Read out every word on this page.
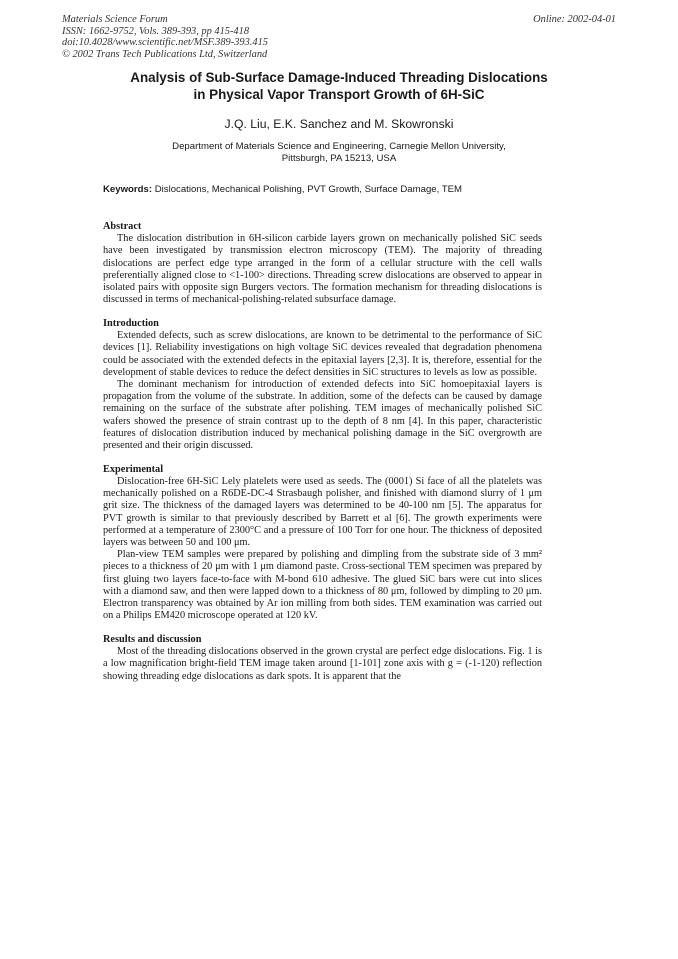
Materials Science Forum
ISSN: 1662-9752, Vols. 389-393, pp 415-418
doi:10.4028/www.scientific.net/MSF.389-393.415
© 2002 Trans Tech Publications Ltd, Switzerland
Online: 2002-04-01
Analysis of Sub-Surface Damage-Induced Threading Dislocations
in Physical Vapor Transport Growth of 6H-SiC
J.Q. Liu, E.K. Sanchez and M. Skowronski
Department of Materials Science and Engineering, Carnegie Mellon University,
Pittsburgh, PA 15213, USA
Keywords: Dislocations, Mechanical Polishing, PVT Growth, Surface Damage, TEM

Abstract

The dislocation distribution in 6H-silicon carbide layers grown on mechanically polished SiC seeds have been investigated by transmission electron microscopy (TEM). The majority of threading dislocations are perfect edge type arranged in the form of a cellular structure with the cell walls preferentially aligned close to <1-100> directions. Threading screw dislocations are observed to appear in isolated pairs with opposite sign Burgers vectors. The formation mechanism for threading dislocations is discussed in terms of mechanical-polishing-related subsurface damage.

Introduction

Extended defects, such as screw dislocations, are known to be detrimental to the performance of SiC devices [1]. Reliability investigations on high voltage SiC devices revealed that degradation phenomena could be associated with the extended defects in the epitaxial layers [2,3]. It is, therefore, essential for the development of stable devices to reduce the defect densities in SiC structures to levels as low as possible.

The dominant mechanism for introduction of extended defects into SiC homoepitaxial layers is propagation from the volume of the substrate. In addition, some of the defects can be caused by damage remaining on the surface of the substrate after polishing. TEM images of mechanically polished SiC wafers showed the presence of strain contrast up to the depth of 8 nm [4]. In this paper, characteristic features of dislocation distribution induced by mechanical polishing damage in the SiC overgrowth are presented and their origin discussed.

Experimental

Dislocation-free 6H-SiC Lely platelets were used as seeds. The (0001) Si face of all the platelets was mechanically polished on a R6DE-DC-4 Strasbaugh polisher, and finished with diamond slurry of 1 μm grit size. The thickness of the damaged layers was determined to be 40-100 nm [5]. The apparatus for PVT growth is similar to that previously described by Barrett et al [6]. The growth experiments were performed at a temperature of 2300°C and a pressure of 100 Torr for one hour. The thickness of deposited layers was between 50 and 100 μm.

Plan-view TEM samples were prepared by polishing and dimpling from the substrate side of 3 mm² pieces to a thickness of 20 μm with 1 μm diamond paste. Cross-sectional TEM specimen was prepared by first gluing two layers face-to-face with M-bond 610 adhesive. The glued SiC bars were cut into slices with a diamond saw, and then were lapped down to a thickness of 80 μm, followed by dimpling to 20 μm. Electron transparency was obtained by Ar ion milling from both sides. TEM examination was carried out on a Philips EM420 microscope operated at 120 kV.

Results and discussion

Most of the threading dislocations observed in the grown crystal are perfect edge dislocations. Fig. 1 is a low magnification bright-field TEM image taken around [1-101] zone axis with g = (-1-120) reflection showing threading edge dislocations as dark spots. It is apparent that the
